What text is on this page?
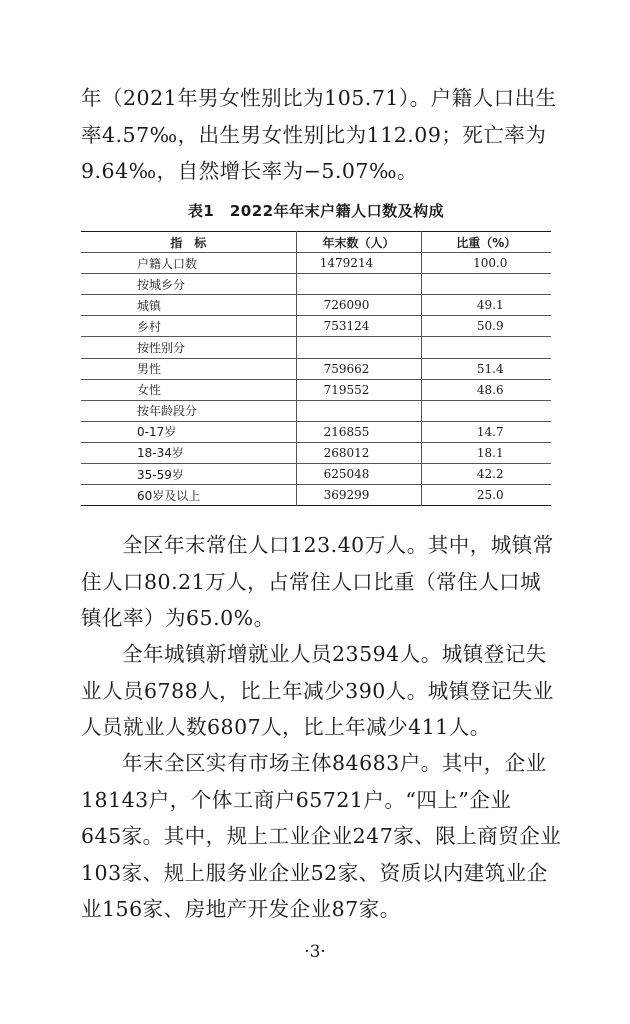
年（2021年男女性别比为105.71）。户籍人口出生
率4.57‰，出生男女性别比为112.09；死亡率为
9.64‰，自然增长率为−5.07‰。

表1　2022年年末户籍人口数及构成
指　标	年末数（人）	比重（%）
户籍人口数	1479214	100.0
按城乡分		
城镇	726090	49.1
乡村	753124	50.9
按性别分		
男性	759662	51.4
女性	719552	48.6
按年龄段分		
0-17岁	216855	14.7
18-34岁	268012	18.1
35-59岁	625048	42.2
60岁及以上	369299	25.0

全区年末常住人口123.40万人。其中，城镇常
住人口80.21万人，占常住人口比重（常住人口城
镇化率）为65.0%。

全年城镇新增就业人员23594人。城镇登记失
业人员6788人，比上年减少390人。城镇登记失业
人员就业人数6807人，比上年减少411人。

年末全区实有市场主体84683户。其中，企业
18143户，个体工商户65721户。“四上”企业
645家。其中，规上工业企业247家、限上商贸企业
103家、规上服务业企业52家、资质以内建筑业企
业156家、房地产开发企业87家。

·3·
